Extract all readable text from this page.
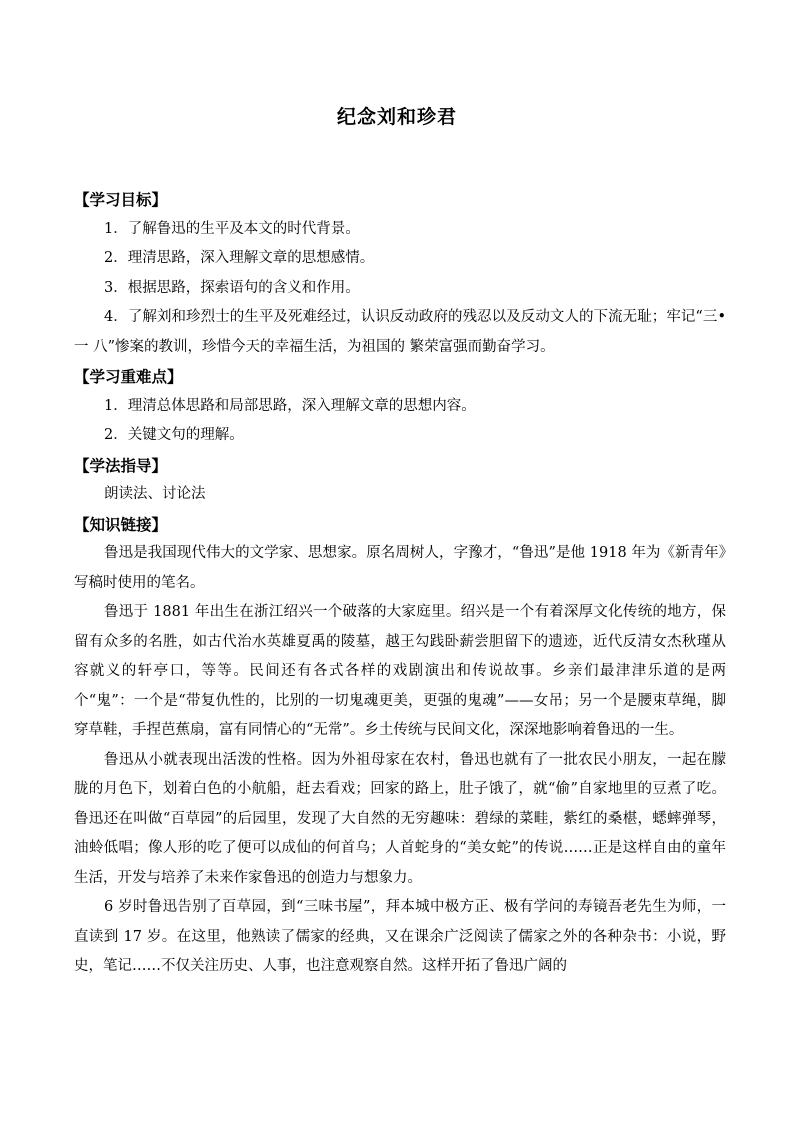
纪念刘和珍君

【学习目标】

1．了解鲁迅的生平及本文的时代背景。

2．理清思路，深入理解文章的思想感情。

3．根据思路，探索语句的含义和作用。

4．了解刘和珍烈士的生平及死难经过，认识反动政府的残忍以及反动文人的下流无耻；牢记“三•一 八”惨案的教训，珍惜今天的幸福生活，为祖国的 繁荣富强而勤奋学习。

【学习重难点】

1．理清总体思路和局部思路，深入理解文章的思想内容。

2．关键文句的理解。

【学法指导】

朗读法、讨论法

【知识链接】

鲁迅是我国现代伟大的文学家、思想家。原名周树人，字豫才，“鲁迅”是他 1918 年为《新青年》写稿时使用的笔名。

鲁迅于 1881 年出生在浙江绍兴一个破落的大家庭里。绍兴是一个有着深厚文化传统的地方，保留有众多的名胜，如古代治水英雄夏禹的陵墓，越王勾践卧薪尝胆留下的遗迹，近代反清女杰秋瑾从容就义的轩亭口，等等。民间还有各式各样的戏剧演出和传说故事。乡亲们最津津乐道的是两个“鬼”：一个是“带复仇性的，比别的一切鬼魂更美，更强的鬼魂”——女吊；另一个是腰束草绳，脚穿草鞋，手捏芭蕉扇，富有同情心的“无常”。乡土传统与民间文化，深深地影响着鲁迅的一生。

鲁迅从小就表现出活泼的性格。因为外祖母家在农村，鲁迅也就有了一批农民小朋友，一起在朦胧的月色下，划着白色的小航船，赶去看戏；回家的路上，肚子饿了，就“偷”自家地里的豆煮了吃。鲁迅还在叫做“百草园”的后园里，发现了大自然的无穷趣味：碧绿的菜畦，紫红的桑椹，蟋蟀弹琴，油蛉低唱；像人形的吃了便可以成仙的何首乌；人首蛇身的“美女蛇”的传说……正是这样自由的童年生活，开发与培养了未来作家鲁迅的创造力与想象力。

6 岁时鲁迅告别了百草园，到“三味书屋”，拜本城中极方正、极有学问的寿镜吾老先生为师，一直读到 17 岁。在这里，他熟读了儒家的经典，又在课余广泛阅读了儒家之外的各种杂书：小说，野史，笔记……不仅关注历史、人事，也注意观察自然。这样开拓了鲁迅广阔的
